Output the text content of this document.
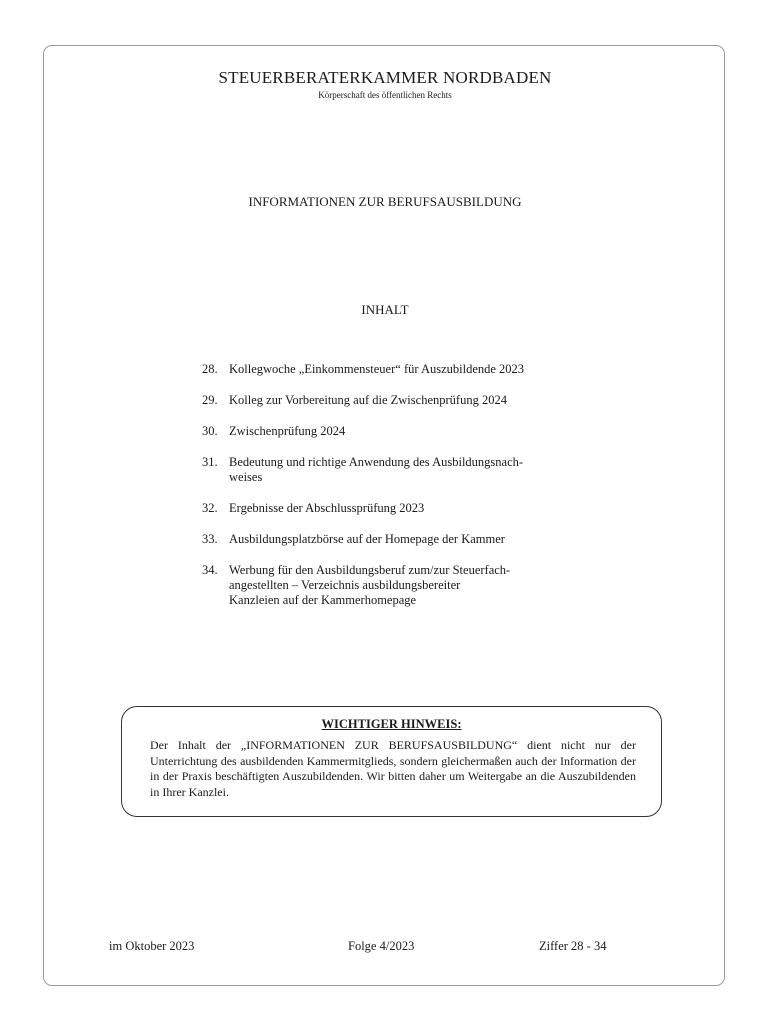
STEUERBERATERKAMMER NORDBADEN
Körperschaft des öffentlichen Rechts
INFORMATIONEN ZUR BERUFSAUSBILDUNG
INHALT
28. Kollegwoche „Einkommensteuer“ für Auszubildende 2023
29. Kolleg zur Vorbereitung auf die Zwischenprüfung 2024
30. Zwischenprüfung 2024
31. Bedeutung und richtige Anwendung des Ausbildungsnach-
weises
32. Ergebnisse der Abschlussprüfung 2023
33. Ausbildungsplatzbörse auf der Homepage der Kammer
34. Werbung für den Ausbildungsberuf zum/zur Steuerfach-
angestellten – Verzeichnis ausbildungsbereiter
Kanzleien auf der Kammerhomepage
WICHTIGER HINWEIS:

Der Inhalt der „INFORMATIONEN ZUR BERUFSAUSBILDUNG“ dient nicht nur der Unterrichtung des ausbildenden Kammermitglieds, sondern gleichermaßen auch der Information der in der Praxis beschäftigten Auszubildenden. Wir bitten daher um Weitergabe an die Auszubildenden in Ihrer Kanzlei.

im Oktober 2023	Folge 4/2023	Ziffer 28 - 34
